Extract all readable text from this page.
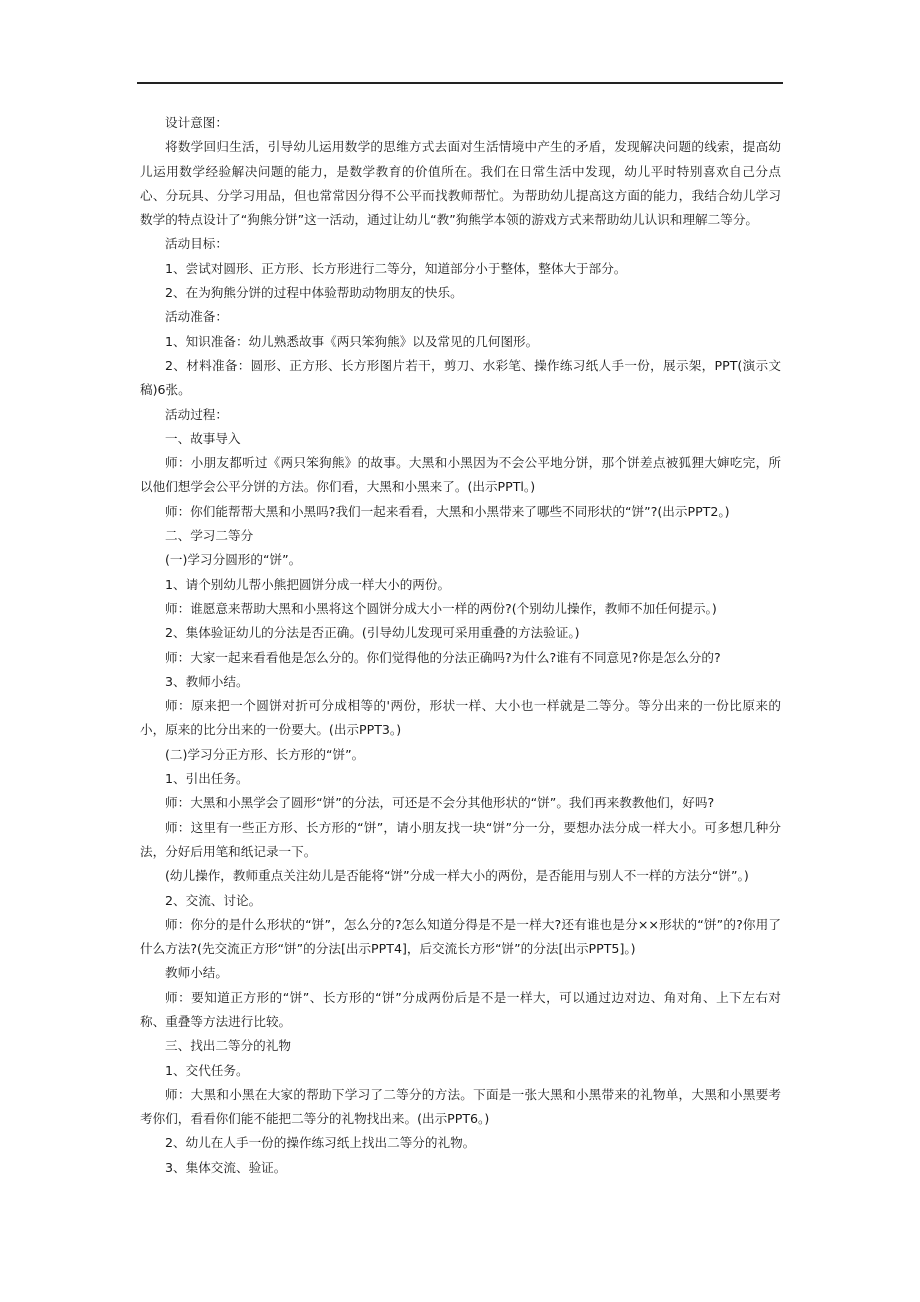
设计意图：

将数学回归生活，引导幼儿运用数学的思维方式去面对生活情境中产生的矛盾，发现解决问题的线索，提高幼儿运用数学经验解决问题的能力，是数学教育的价值所在。我们在日常生活中发现，幼儿平时特别喜欢自己分点心、分玩具、分学习用品，但也常常因分得不公平而找教师帮忙。为帮助幼儿提高这方面的能力，我结合幼儿学习数学的特点设计了“狗熊分饼”这一活动，通过让幼儿“教”狗熊学本领的游戏方式来帮助幼儿认识和理解二等分。

活动目标：

1、尝试对圆形、正方形、长方形进行二等分，知道部分小于整体，整体大于部分。

2、在为狗熊分饼的过程中体验帮助动物朋友的快乐。

活动准备：

1、知识准备：幼儿熟悉故事《两只笨狗熊》以及常见的几何图形。

2、材料准备：圆形、正方形、长方形图片若干，剪刀、水彩笔、操作练习纸人手一份，展示架，PPT(演示文稿)6张。

活动过程：

一、故事导入

师：小朋友都听过《两只笨狗熊》的故事。大黑和小黑因为不会公平地分饼，那个饼差点被狐狸大婶吃完，所以他们想学会公平分饼的方法。你们看，大黑和小黑来了。(出示PPTl。)

师：你们能帮帮大黑和小黑吗?我们一起来看看，大黑和小黑带来了哪些不同形状的“饼”?(出示PPT2。)

二、学习二等分

(一)学习分圆形的“饼”。

1、请个别幼儿帮小熊把圆饼分成一样大小的两份。

师：谁愿意来帮助大黑和小黑将这个圆饼分成大小一样的两份?(个别幼儿操作，教师不加任何提示。)

2、集体验证幼儿的分法是否正确。(引导幼儿发现可采用重叠的方法验证。)

师：大家一起来看看他是怎么分的。你们觉得他的分法正确吗?为什么?谁有不同意见?你是怎么分的?

3、教师小结。

师：原来把一个圆饼对折可分成相等的'两份，形状一样、大小也一样就是二等分。等分出来的一份比原来的小，原来的比分出来的一份要大。(出示PPT3。)

(二)学习分正方形、长方形的“饼”。

1、引出任务。

师：大黑和小黑学会了圆形“饼”的分法，可还是不会分其他形状的“饼”。我们再来教教他们，好吗?

师：这里有一些正方形、长方形的“饼”，请小朋友找一块“饼”分一分，要想办法分成一样大小。可多想几种分法，分好后用笔和纸记录一下。

(幼儿操作，教师重点关注幼儿是否能将“饼”分成一样大小的两份，是否能用与别人不一样的方法分“饼”。)

2、交流、讨论。

师：你分的是什么形状的“饼”，怎么分的?怎么知道分得是不是一样大?还有谁也是分××形状的“饼”的?你用了什么方法?(先交流正方形“饼”的分法[出示PPT4]，后交流长方形“饼”的分法[出示PPT5]。)

教师小结。

师：要知道正方形的“饼”、长方形的“饼”分成两份后是不是一样大，可以通过边对边、角对角、上下左右对称、重叠等方法进行比较。

三、找出二等分的礼物

1、交代任务。

师：大黑和小黑在大家的帮助下学习了二等分的方法。下面是一张大黑和小黑带来的礼物单，大黑和小黑要考考你们，看看你们能不能把二等分的礼物找出来。(出示PPT6。)

2、幼儿在人手一份的操作练习纸上找出二等分的礼物。

3、集体交流、验证。
